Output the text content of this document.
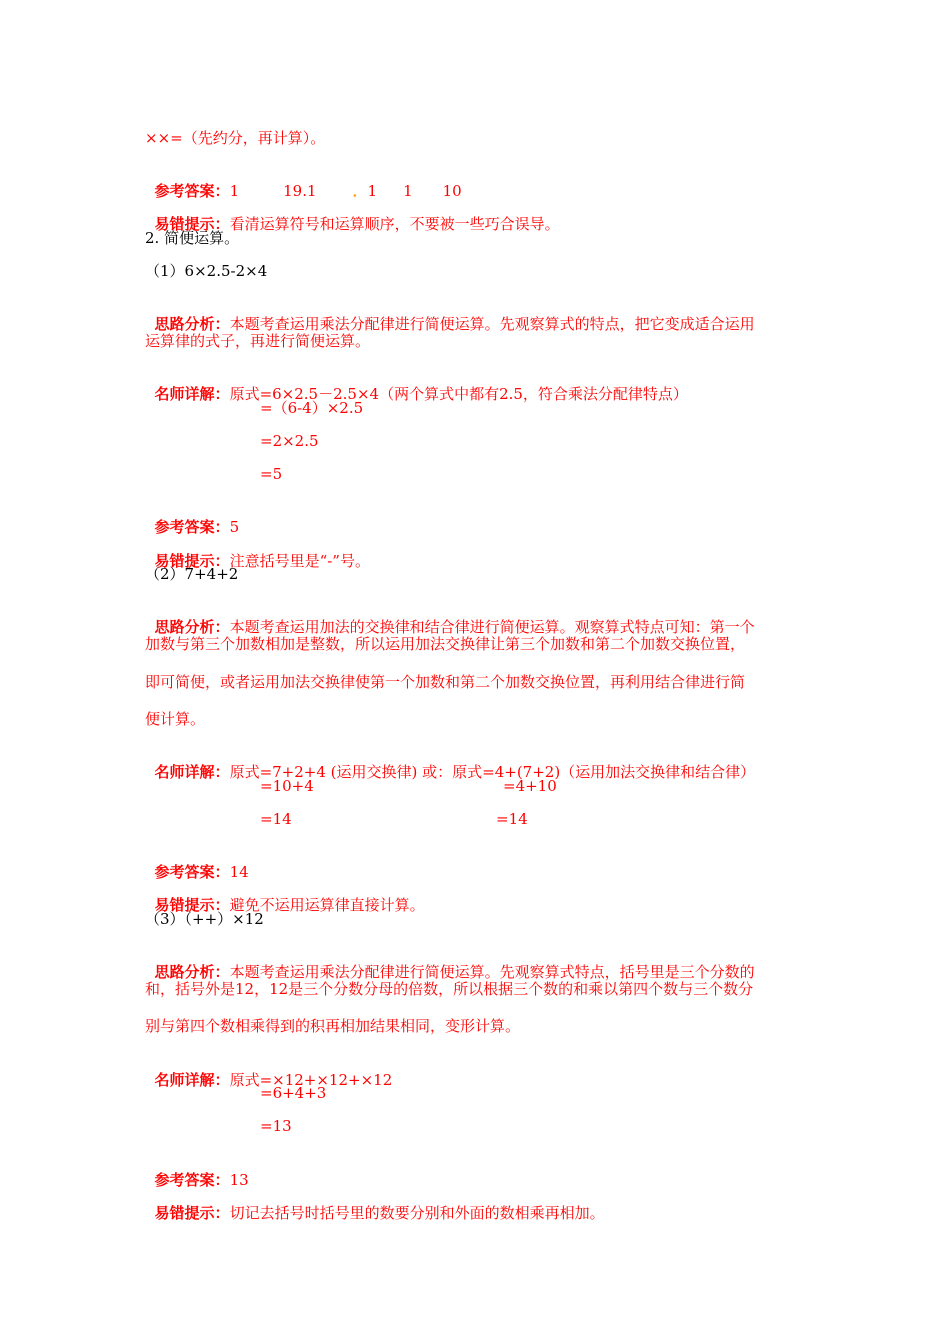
××=（先约分，再计算）。

参考答案：1	19.1 ．1 1 10

易错提示：看清运算符号和运算顺序，不要被一些巧合误导。

2. 简便运算。
（1）6×2.5-2×4

思路分析：本题考查运用乘法分配律进行简便运算。先观察算式的特点，把它变成适合运用

运算律的式子，再进行简便运算。

名师详解：原式=6×2.5－2.5×4（两个算式中都有2.5，符合乘法分配律特点）

=（6-4）×2.5
=2×2.5
=5

参考答案：5

易错提示：注意括号里是“-”号。

（2）7+4+2

思路分析：本题考查运用加法的交换律和结合律进行简便运算。观察算式特点可知：第一个

加数与第三个加数相加是整数，所以运用加法交换律让第三个加数和第二个加数交换位置，
即可简便，或者运用加法交换律使第一个加数和第二个加数交换位置，再利用结合律进行简
便计算。

名师详解：原式=7+2+4 (运用交换律) 或：原式=4+(7+2)（运用加法交换律和结合律）

=10+4	=4+10
=14	=14

参考答案：14

易错提示：避免不运用运算律直接计算。

（3）（++）×12

思路分析：本题考查运用乘法分配律进行简便运算。先观察算式特点，括号里是三个分数的

和，括号外是12，12是三个分数分母的倍数，所以根据三个数的和乘以第四个数与三个数分
别与第四个数相乘得到的积再相加结果相同，变形计算。

名师详解：原式=×12+×12+×12

=6+4+3
=13

参考答案：13

易错提示：切记去括号时括号里的数要分别和外面的数相乘再相加。
